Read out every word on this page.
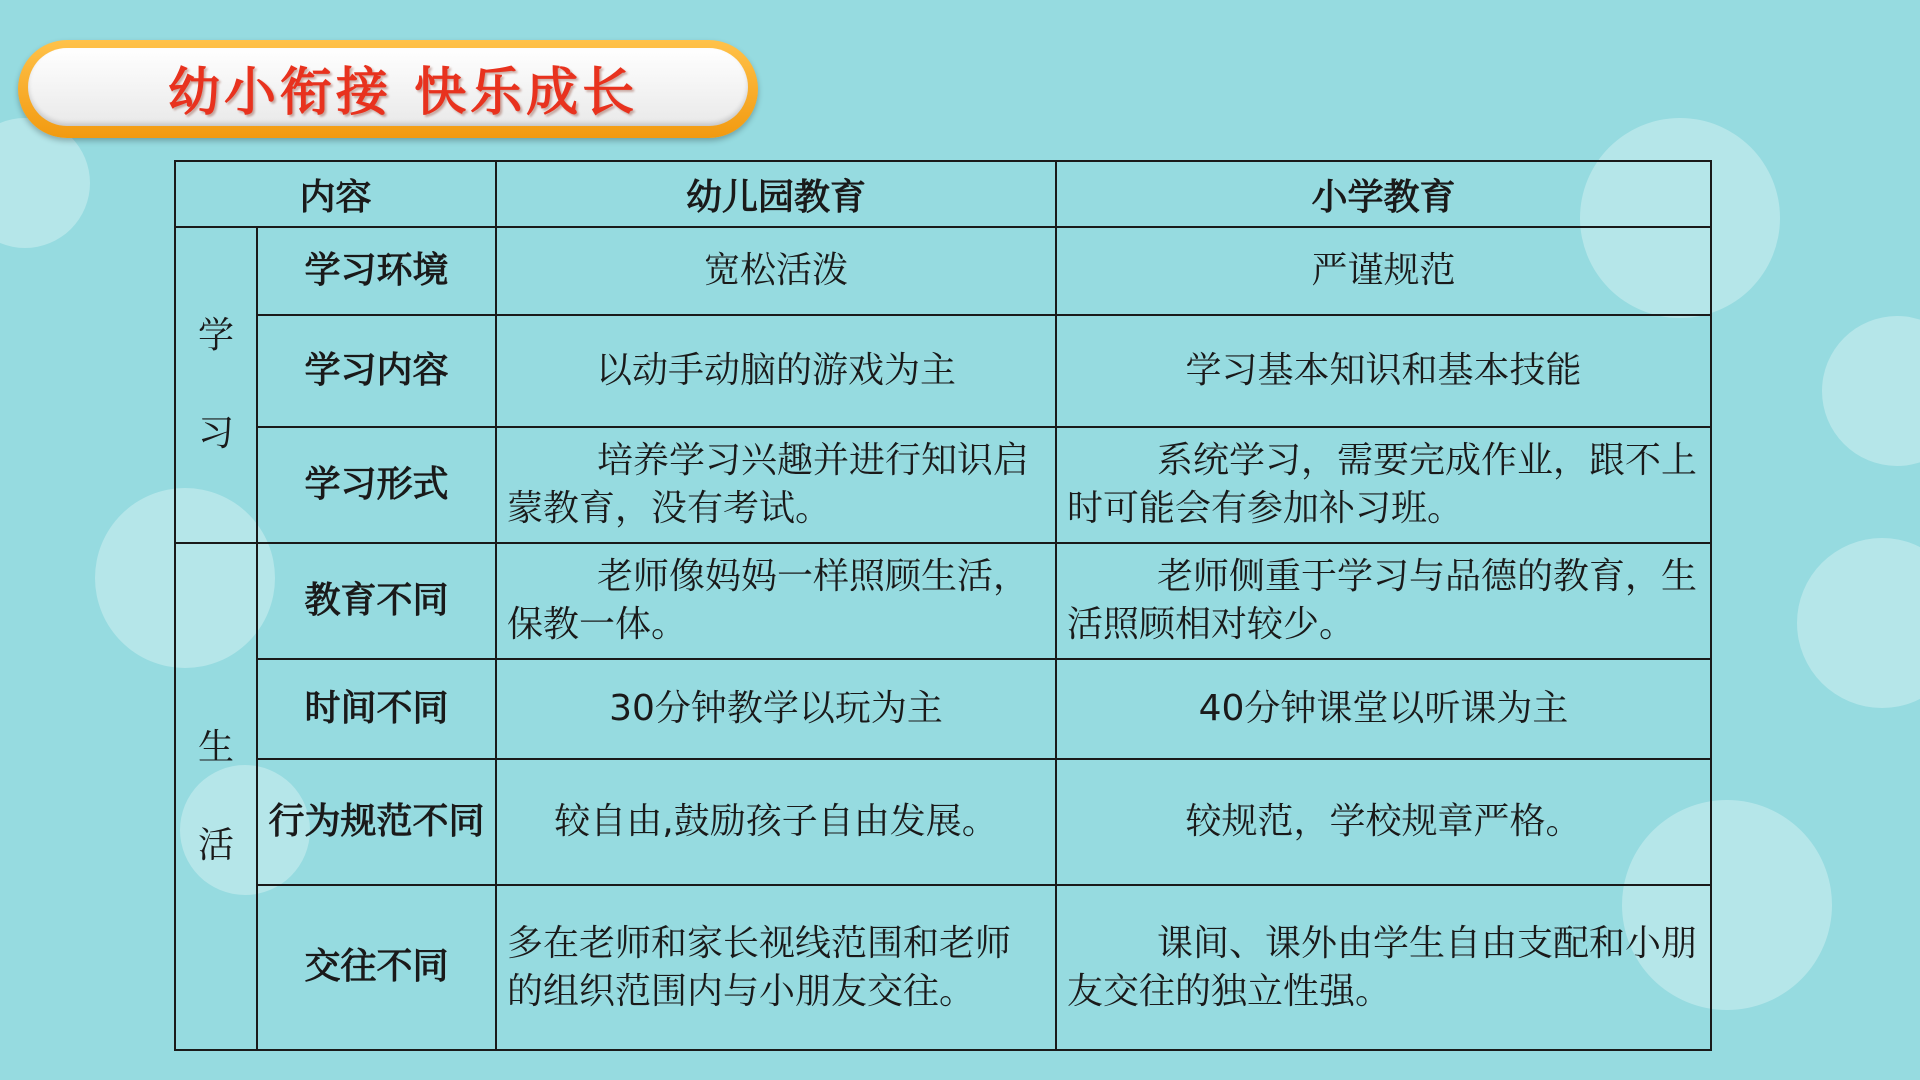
幼小衔接 快乐成长
内容		幼儿园教育	小学教育

学
习	学习环境	宽松活泼	严谨规范
	学习内容	以动手动脑的游戏为主	学习基本知识和基本技能
	学习形式	培养学习兴趣并进行知识启蒙教育，没有考试。	系统学习，需要完成作业，跟不上时可能会有参加补习班。

生
活	教育不同	老师像妈妈一样照顾生活，保教一体。	老师侧重于学习与品德的教育，生活照顾相对较少。
	时间不同	30分钟教学以玩为主	40分钟课堂以听课为主
	行为规范不同	较自由,鼓励孩子自由发展。	较规范，学校规章严格。
	交往不同	多在老师和家长视线范围和老师的组织范围内与小朋友交往。	课间、课外由学生自由支配和小朋友交往的独立性强。
